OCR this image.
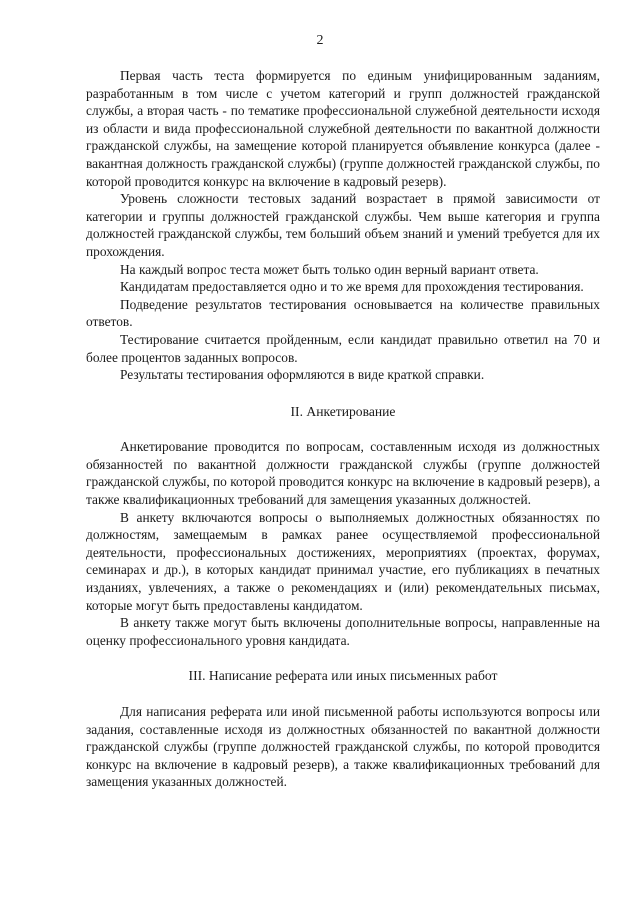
2

Первая часть теста формируется по единым унифицированным заданиям, разработанным в том числе с учетом категорий и групп должностей гражданской службы, а вторая часть - по тематике профессиональной служебной деятельности исходя из области и вида профессиональной служебной деятельности по вакантной должности гражданской службы, на замещение которой планируется объявление конкурса (далее - вакантная должность гражданской службы) (группе должностей гражданской службы, по которой проводится конкурс на включение в кадровый резерв).

Уровень сложности тестовых заданий возрастает в прямой зависимости от категории и группы должностей гражданской службы. Чем выше категория и группа должностей гражданской службы, тем больший объем знаний и умений требуется для их прохождения.

На каждый вопрос теста может быть только один верный вариант ответа.

Кандидатам предоставляется одно и то же время для прохождения тестирования.

Подведение результатов тестирования основывается на количестве правильных ответов.

Тестирование считается пройденным, если кандидат правильно ответил на 70 и более процентов заданных вопросов.

Результаты тестирования оформляются в виде краткой справки.

II. Анкетирование

Анкетирование проводится по вопросам, составленным исходя из должностных обязанностей по вакантной должности гражданской службы (группе должностей гражданской службы, по которой проводится конкурс на включение в кадровый резерв), а также квалификационных требований для замещения указанных должностей.

В анкету включаются вопросы о выполняемых должностных обязанностях по должностям, замещаемым в рамках ранее осуществляемой профессиональной деятельности, профессиональных достижениях, мероприятиях (проектах, форумах, семинарах и др.), в которых кандидат принимал участие, его публикациях в печатных изданиях, увлечениях, а также о рекомендациях и (или) рекомендательных письмах, которые могут быть предоставлены кандидатом.

В анкету также могут быть включены дополнительные вопросы, направленные на оценку профессионального уровня кандидата.

III. Написание реферата или иных письменных работ

Для написания реферата или иной письменной работы используются вопросы или задания, составленные исходя из должностных обязанностей по вакантной должности гражданской службы (группе должностей гражданской службы, по которой проводится конкурс на включение в кадровый резерв), а также квалификационных требований для замещения указанных должностей.
